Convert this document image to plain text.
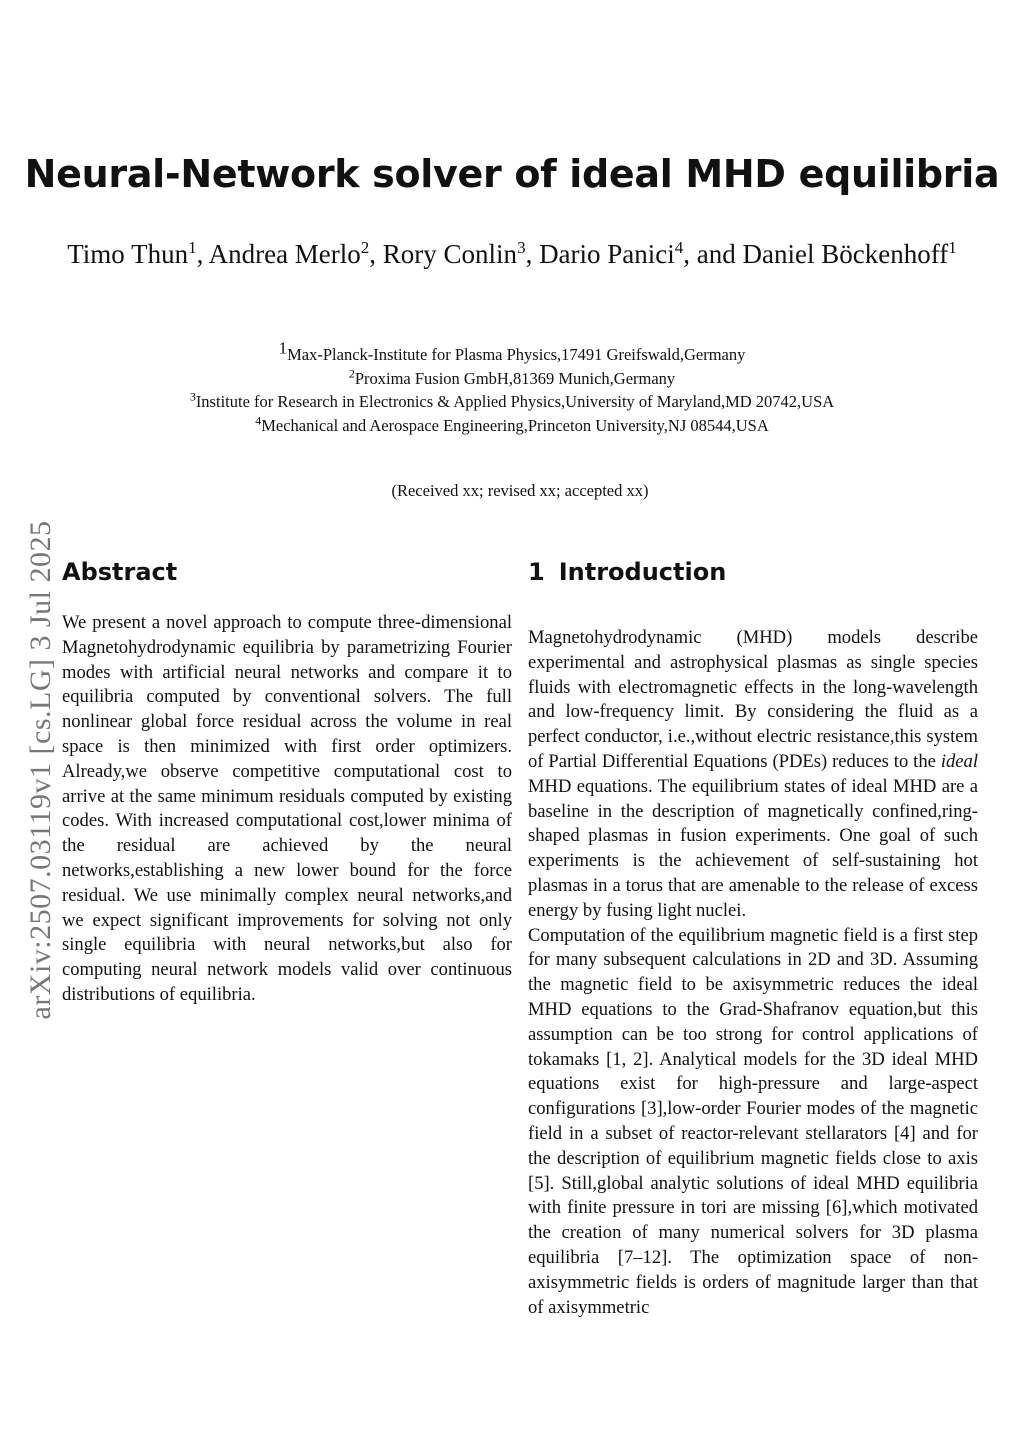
arXiv:2507.03119v1 [cs.LG] 3 Jul 2025
Neural-Network solver of ideal MHD equilibria
Timo Thun$^1$, Andrea Merlo$^2$, Rory Conlin$^3$, Dario Panici$^4$, and Daniel Böckenhoff$^1$
$^1$Max-Planck-Institute for Plasma Physics,17491 Greifswald,Germany
$^2$Proxima Fusion GmbH,81369 Munich,Germany
$^3$Institute for Research in Electronics & Applied Physics,University of Maryland,MD 20742,USA
$^4$Mechanical and Aerospace Engineering,Princeton University,NJ 08544,USA
(Received xx; revised xx; accepted xx)
Abstract	1 Introduction

We present a novel approach to compute three-dimensional Magnetohydrodynamic equilibria by parametrizing Fourier modes with artificial neural networks and compare it to equilibria computed by conventional solvers. The full nonlinear global force residual across the volume in real space is then minimized with first order optimizers. Already,we observe competitive computational cost to arrive at the same minimum residuals computed by existing codes. With increased computational cost,lower minima of the residual are achieved by the neural networks,establishing a new lower bound for the force residual. We use minimally complex neural networks,and we expect significant improvements for solving not only single equilibria with neural networks,but also for computing neural network models valid over continuous distributions of equilibria.

Magnetohydrodynamic (MHD) models describe experimental and astrophysical plasmas as single species fluids with electromagnetic effects in the long-wavelength and low-frequency limit. By considering the fluid as a perfect conductor, i.e.,without electric resistance,this system of Partial Differential Equations (PDEs) reduces to the ideal MHD equations. The equilibrium states of ideal MHD are a baseline in the description of magnetically confined,ring-shaped plasmas in fusion experiments. One goal of such experiments is the achievement of self-sustaining hot plasmas in a torus that are amenable to the release of excess energy by fusing light nuclei.

Computation of the equilibrium magnetic field is a first step for many subsequent calculations in 2D and 3D. Assuming the magnetic field to be axisymmetric reduces the ideal MHD equations to the Grad-Shafranov equation,but this assumption can be too strong for control applications of tokamaks [1, 2]. Analytical models for the 3D ideal MHD equations exist for high-pressure and large-aspect configurations [3],low-order Fourier modes of the magnetic field in a subset of reactor-relevant stellarators [4] and for the description of equilibrium magnetic fields close to axis [5]. Still,global analytic solutions of ideal MHD equilibria with finite pressure in tori are missing [6],which motivated the creation of many numerical solvers for 3D plasma equilibria [7–12]. The optimization space of non-axisymmetric fields is orders of magnitude larger than that of axisymmetric
